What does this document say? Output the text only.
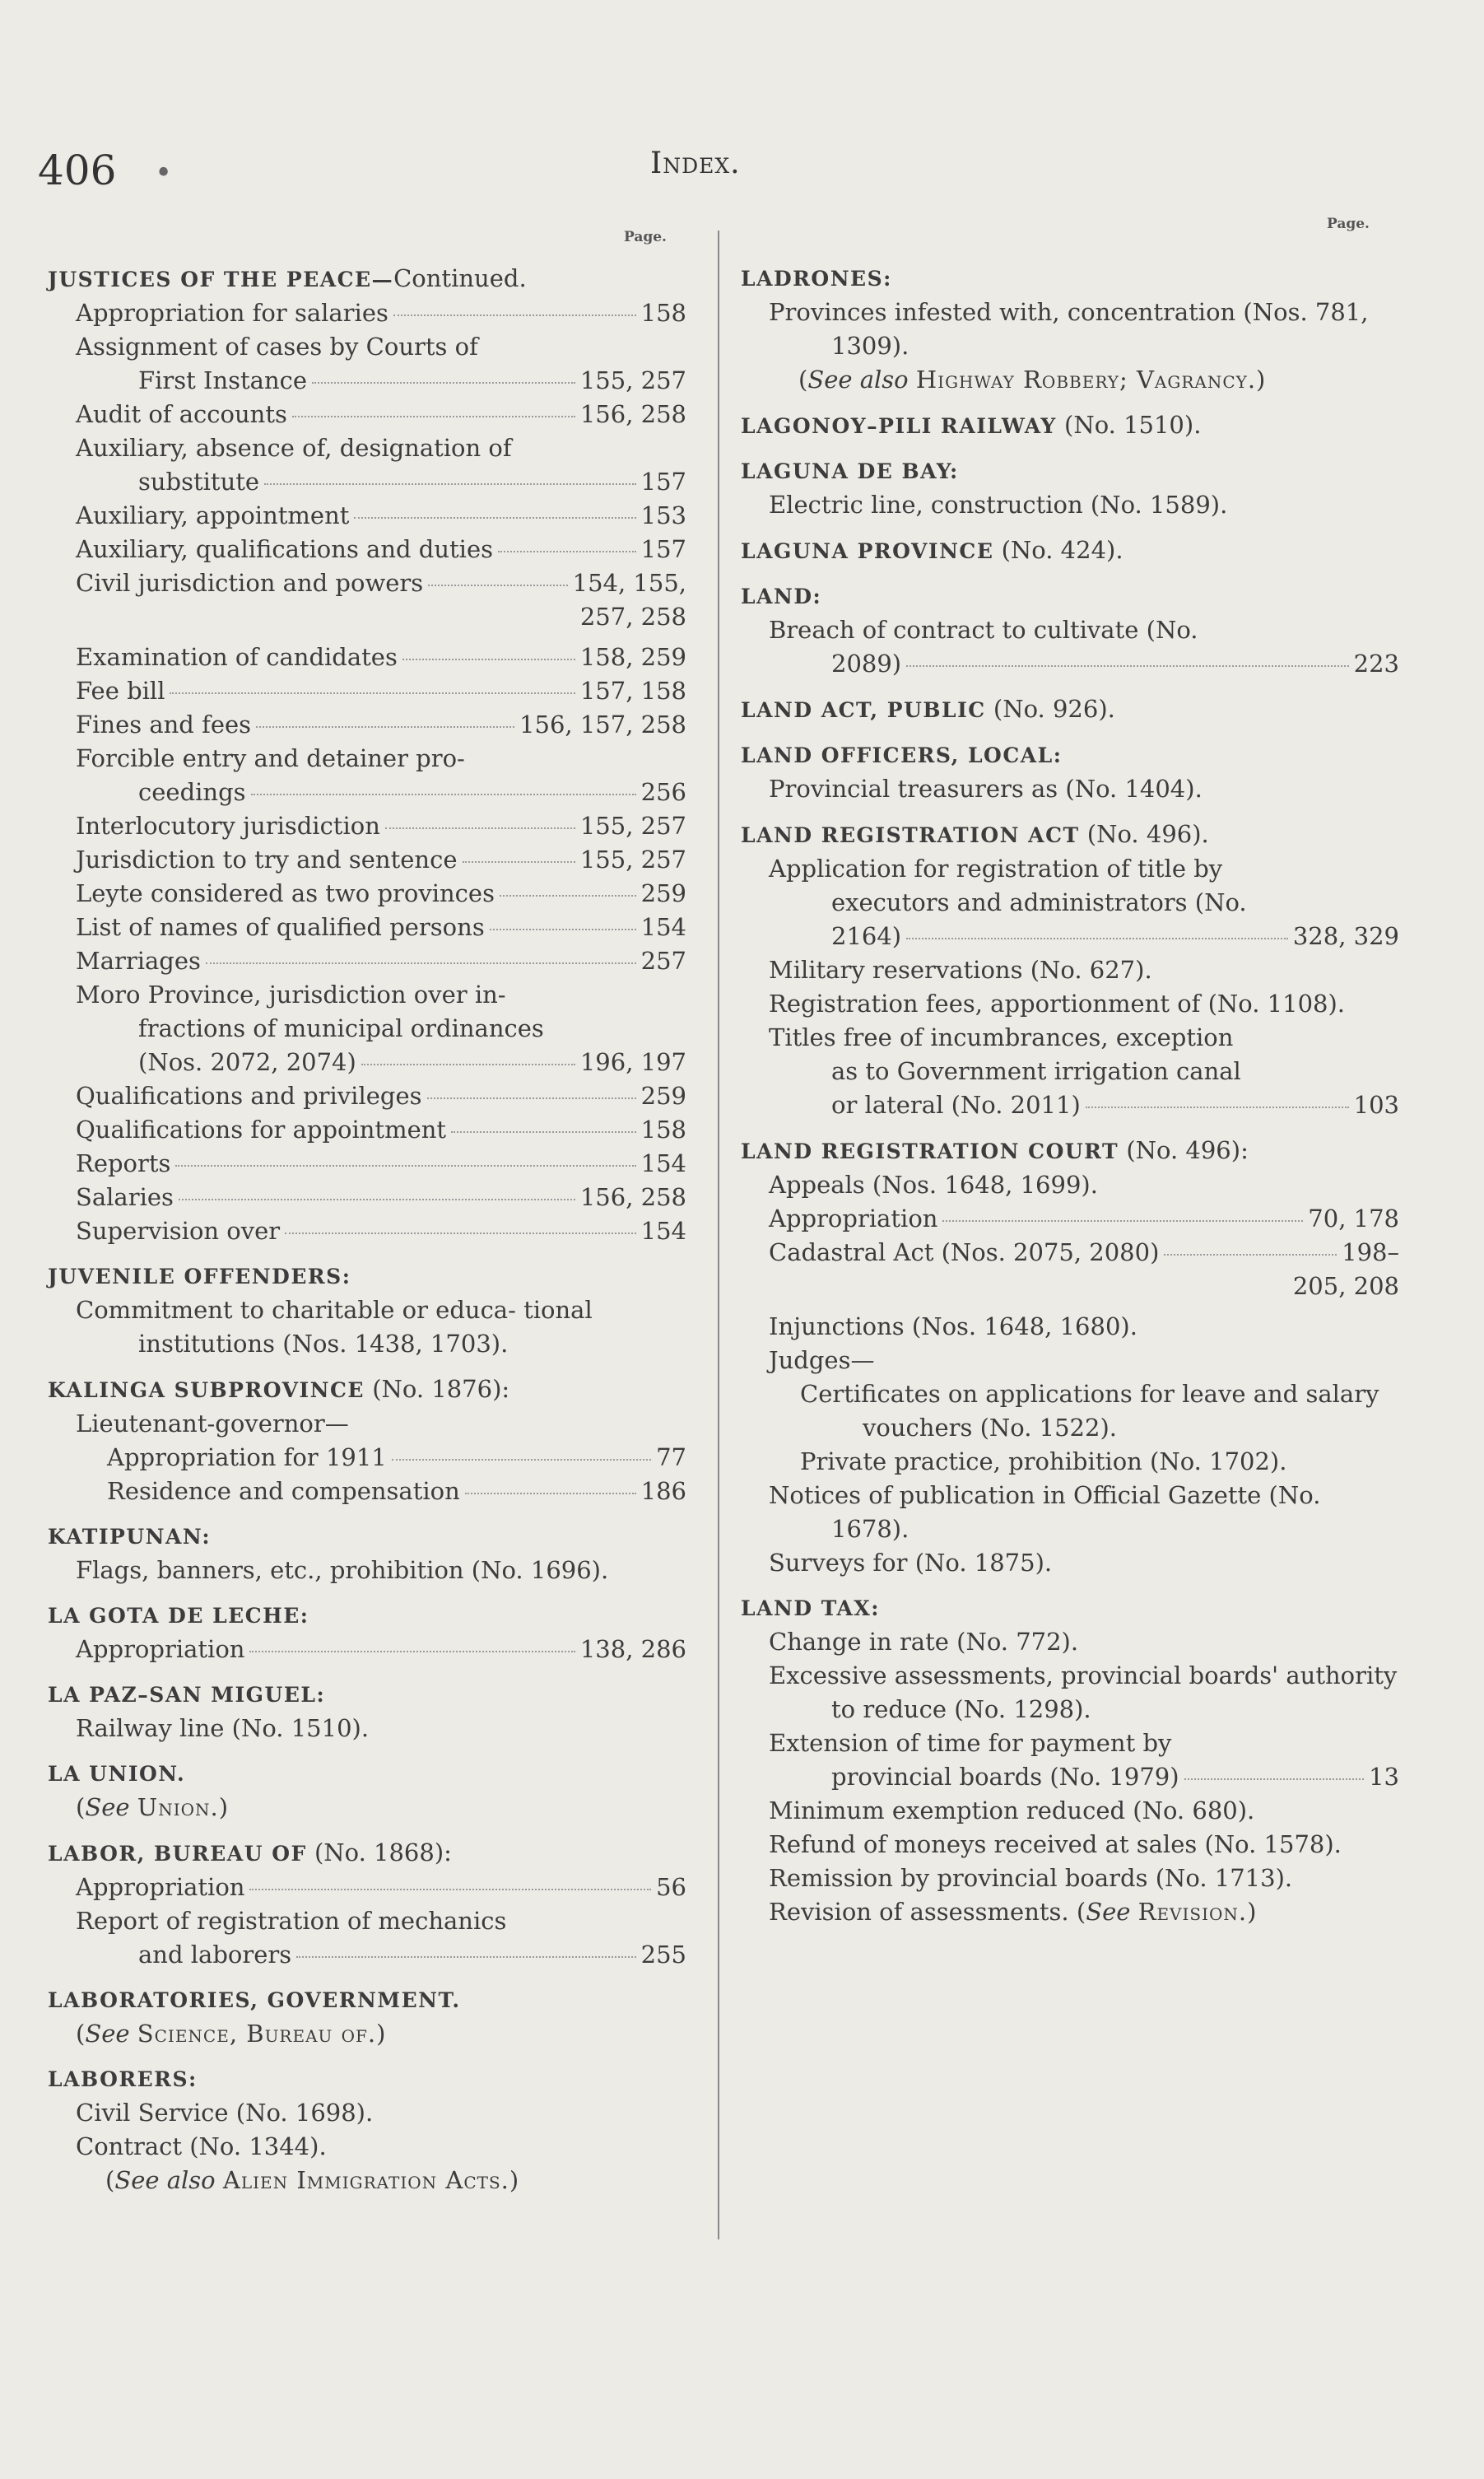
406 •	Index.
Page.
Page.
JUSTICES OF THE PEACE—Continued.
Appropriation for salaries	158
Assignment of cases by Courts of
First Instance	155, 257
Audit of accounts	156, 258
Auxiliary, absence of, designation of
substitute	157
Auxiliary, appointment	153
Auxiliary, qualifications and duties	157
Civil jurisdiction and powers	154, 155,
257, 258
Examination of candidates	158, 259
Fee bill	157, 158
Fines and fees	156, 157, 258
Forcible entry and detainer pro-
ceedings	256
Interlocutory jurisdiction	155, 257
Jurisdiction to try and sentence	155, 257
Leyte considered as two provinces	259
List of names of qualified persons	154
Marriages	257
Moro Province, jurisdiction over in-
fractions of municipal ordinances
(Nos. 2072, 2074)	196, 197
Qualifications and privileges	259
Qualifications for appointment	158
Reports	154
Salaries	156, 258
Supervision over	154
JUVENILE OFFENDERS:
Commitment to charitable or educa- tional institutions (Nos. 1438, 1703).
KALINGA SUBPROVINCE (No. 1876):
Lieutenant-governor—
Appropriation for 1911	77
Residence and compensation	186
KATIPUNAN:
Flags, banners, etc., prohibition (No. 1696).
LA GOTA DE LECHE:
Appropriation	138, 286
LA PAZ–SAN MIGUEL:
Railway line (No. 1510).
LA UNION.
(See Union.)
LABOR, BUREAU OF (No. 1868):
Appropriation	56
Report of registration of mechanics
and laborers	255
LABORATORIES, GOVERNMENT.
(See Science, Bureau of.)
LABORERS:
Civil Service (No. 1698).
Contract (No. 1344).
(See also Alien Immigration Acts.)
LADRONES:
Provinces infested with, concentration (Nos. 781, 1309).
(See also Highway Robbery; Vagrancy.)
LAGONOY–PILI RAILWAY (No. 1510).
LAGUNA DE BAY:
Electric line, construction (No. 1589).
LAGUNA PROVINCE (No. 424).
LAND:
Breach of contract to cultivate (No.
2089)	223
LAND ACT, PUBLIC (No. 926).
LAND OFFICERS, LOCAL:
Provincial treasurers as (No. 1404).
LAND REGISTRATION ACT (No. 496).
Application for registration of title by
executors and administrators (No.
2164)	328, 329
Military reservations (No. 627).
Registration fees, apportionment of (No. 1108).
Titles free of incumbrances, exception
as to Government irrigation canal
or lateral (No. 2011)	103
LAND REGISTRATION COURT (No. 496):
Appeals (Nos. 1648, 1699).
Appropriation	70, 178
Cadastral Act (Nos. 2075, 2080)	198–
205, 208
Injunctions (Nos. 1648, 1680).
Judges—
Certificates on applications for leave and salary vouchers (No. 1522).
Private practice, prohibition (No. 1702).
Notices of publication in Official Gazette (No. 1678).
Surveys for (No. 1875).
LAND TAX:
Change in rate (No. 772).
Excessive assessments, provincial boards' authority to reduce (No. 1298).
Extension of time for payment by
provincial boards (No. 1979)	13
Minimum exemption reduced (No. 680).
Refund of moneys received at sales (No. 1578).
Remission by provincial boards (No. 1713).
Revision of assessments. (See Revision.)
